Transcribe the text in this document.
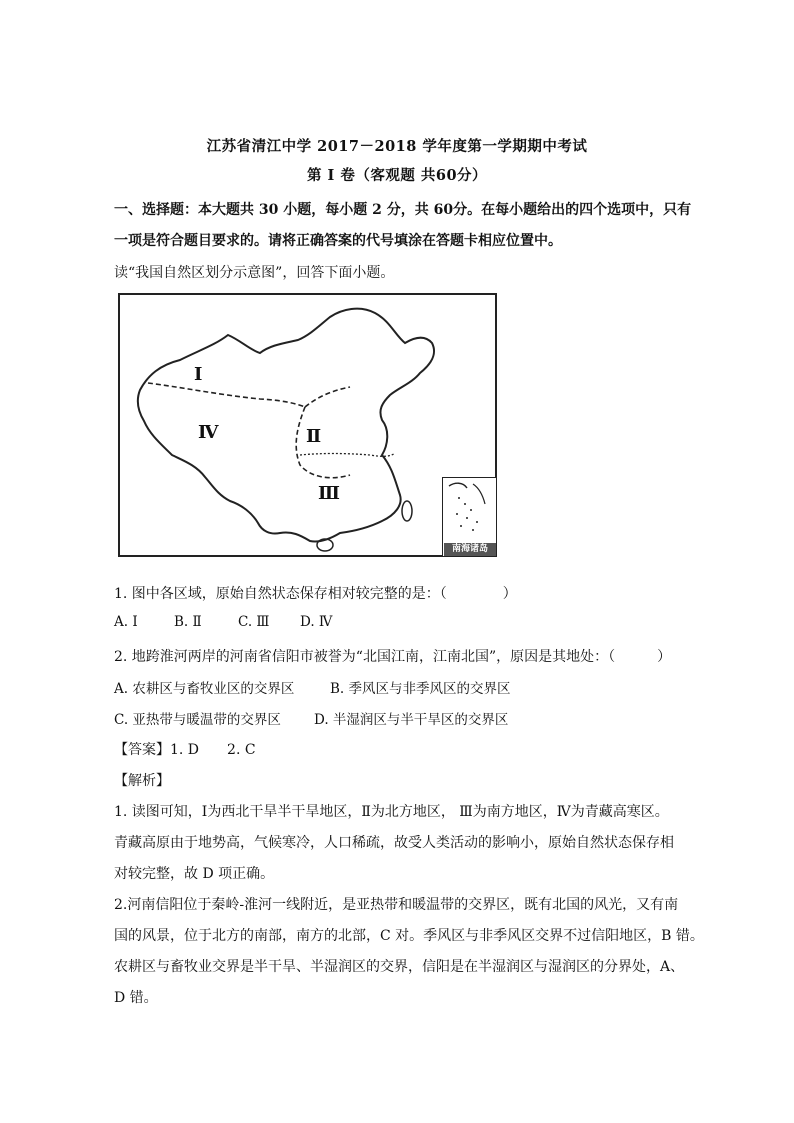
江苏省清江中学 2017－2018 学年度第一学期期中考试
第 I 卷（客观题 共60分）
一、选择题：本大题共 30 小题，每小题 2 分，共 60分。在每小题给出的四个选项中，只有
一项是符合题目要求的。请将正确答案的代号填涂在答题卡相应位置中。
读“我国自然区划分示意图”，回答下面小题。
I
Ⅳ	Ⅱ
Ⅲ
南海诸岛
1. 图中各区域，原始自然状态保存相对较完整的是：（　　　　）
A. Ⅰ	B. Ⅱ	C. Ⅲ D. Ⅳ
2. 地跨淮河两岸的河南省信阳市被誉为“北国江南，江南北国”，原因是其地处：（　　　）
A. 农耕区与畜牧业区的交界区	B. 季风区与非季风区的交界区
C. 亚热带与暖温带的交界区 D. 半湿润区与半干旱区的交界区
【答案】1. D　　2. C
【解析】
1. 读图可知，Ⅰ为西北干旱半干旱地区，Ⅱ为北方地区， Ⅲ为南方地区，Ⅳ为青藏高寒区。
青藏高原由于地势高，气候寒冷，人口稀疏，故受人类活动的影响小，原始自然状态保存相
对较完整，故 D 项正确。
2.河南信阳位于秦岭-淮河一线附近，是亚热带和暖温带的交界区，既有北国的风光，又有南
国的风景，位于北方的南部，南方的北部，C 对。季风区与非季风区交界不过信阳地区，B 错。
农耕区与畜牧业交界是半干旱、半湿润区的交界，信阳是在半湿润区与湿润区的分界处，A、
D 错。
